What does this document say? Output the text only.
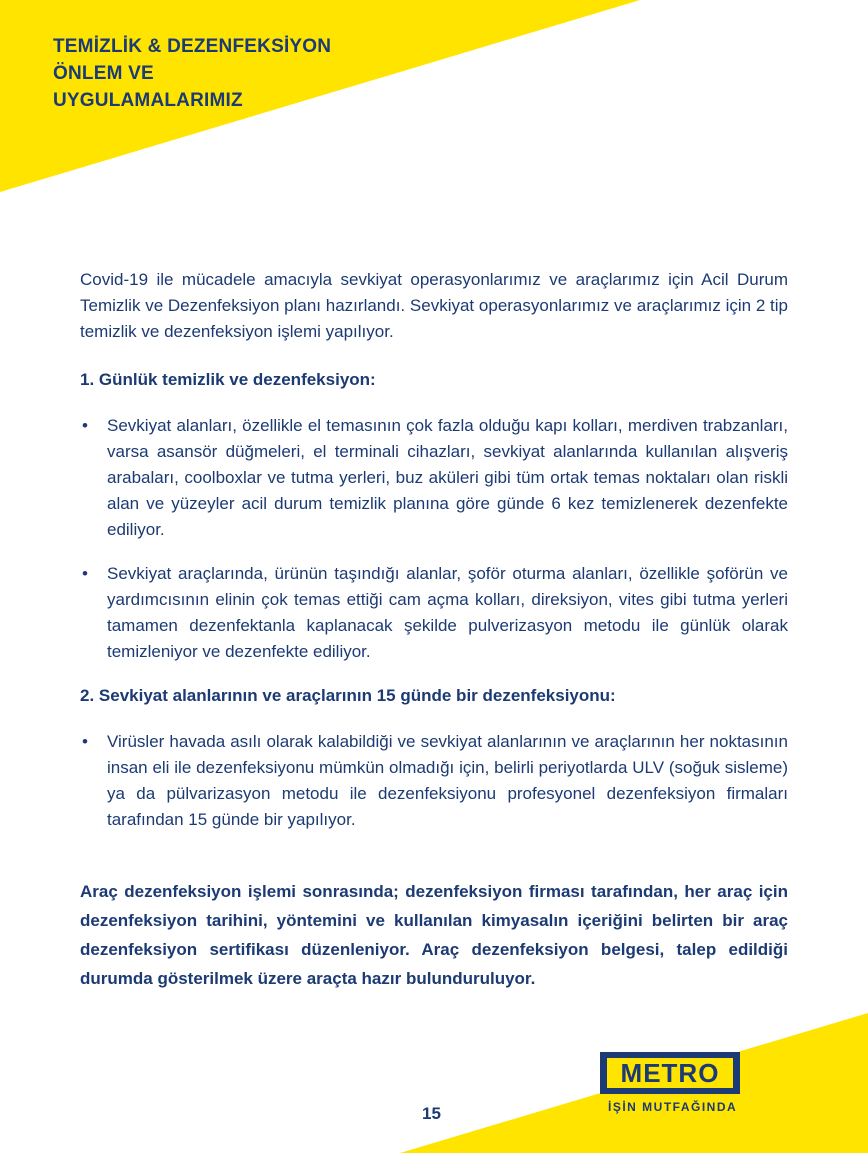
TEMİZLİK & DEZENFEKSİYON
ÖNLEM VE
UYGULAMALARIMIZ

Covid-19 ile mücadele amacıyla sevkiyat operasyonlarımız ve araçlarımız için Acil Durum Temizlik ve Dezenfeksiyon planı hazırlandı. Sevkiyat operasyonlarımız ve araçlarımız için 2 tip temizlik ve dezenfeksiyon işlemi yapılıyor.

1. Günlük temizlik ve dezenfeksiyon:
• Sevkiyat alanları, özellikle el temasının çok fazla olduğu kapı kolları, merdiven trabzanları, varsa asansör düğmeleri, el terminali cihazları, sevkiyat alanlarında kullanılan alışveriş arabaları, coolboxlar ve tutma yerleri, buz aküleri gibi tüm ortak temas noktaları olan riskli alan ve yüzeyler acil durum temizlik planına göre günde 6 kez temizlenerek dezenfekte ediliyor.
• Sevkiyat araçlarında, ürünün taşındığı alanlar, şoför oturma alanları, özellikle şoförün ve yardımcısının elinin çok temas ettiği cam açma kolları, direksiyon, vites gibi tutma yerleri tamamen dezenfektanla kaplanacak şekilde pulverizasyon metodu ile günlük olarak temizleniyor ve dezenfekte ediliyor.
2. Sevkiyat alanlarının ve araçlarının 15 günde bir dezenfeksiyonu:
• Virüsler havada asılı olarak kalabildiği ve sevkiyat alanlarının ve araçlarının her noktasının insan eli ile dezenfeksiyonu mümkün olmadığı için, belirli periyotlarda ULV (soğuk sisleme) ya da pülvarizasyon metodu ile dezenfeksiyonu profesyonel dezenfeksiyon firmaları tarafından 15 günde bir yapılıyor.

Araç dezenfeksiyon işlemi sonrasında; dezenfeksiyon firması tarafından, her araç için dezenfeksiyon tarihini, yöntemini ve kullanılan kimyasalın içeriğini belirten bir araç dezenfeksiyon sertifikası düzenleniyor. Araç dezenfeksiyon belgesi, talep edildiği durumda gösterilmek üzere araçta hazır bulunduruluyor.

METRO
İŞİN MUTFAĞINDA
15
